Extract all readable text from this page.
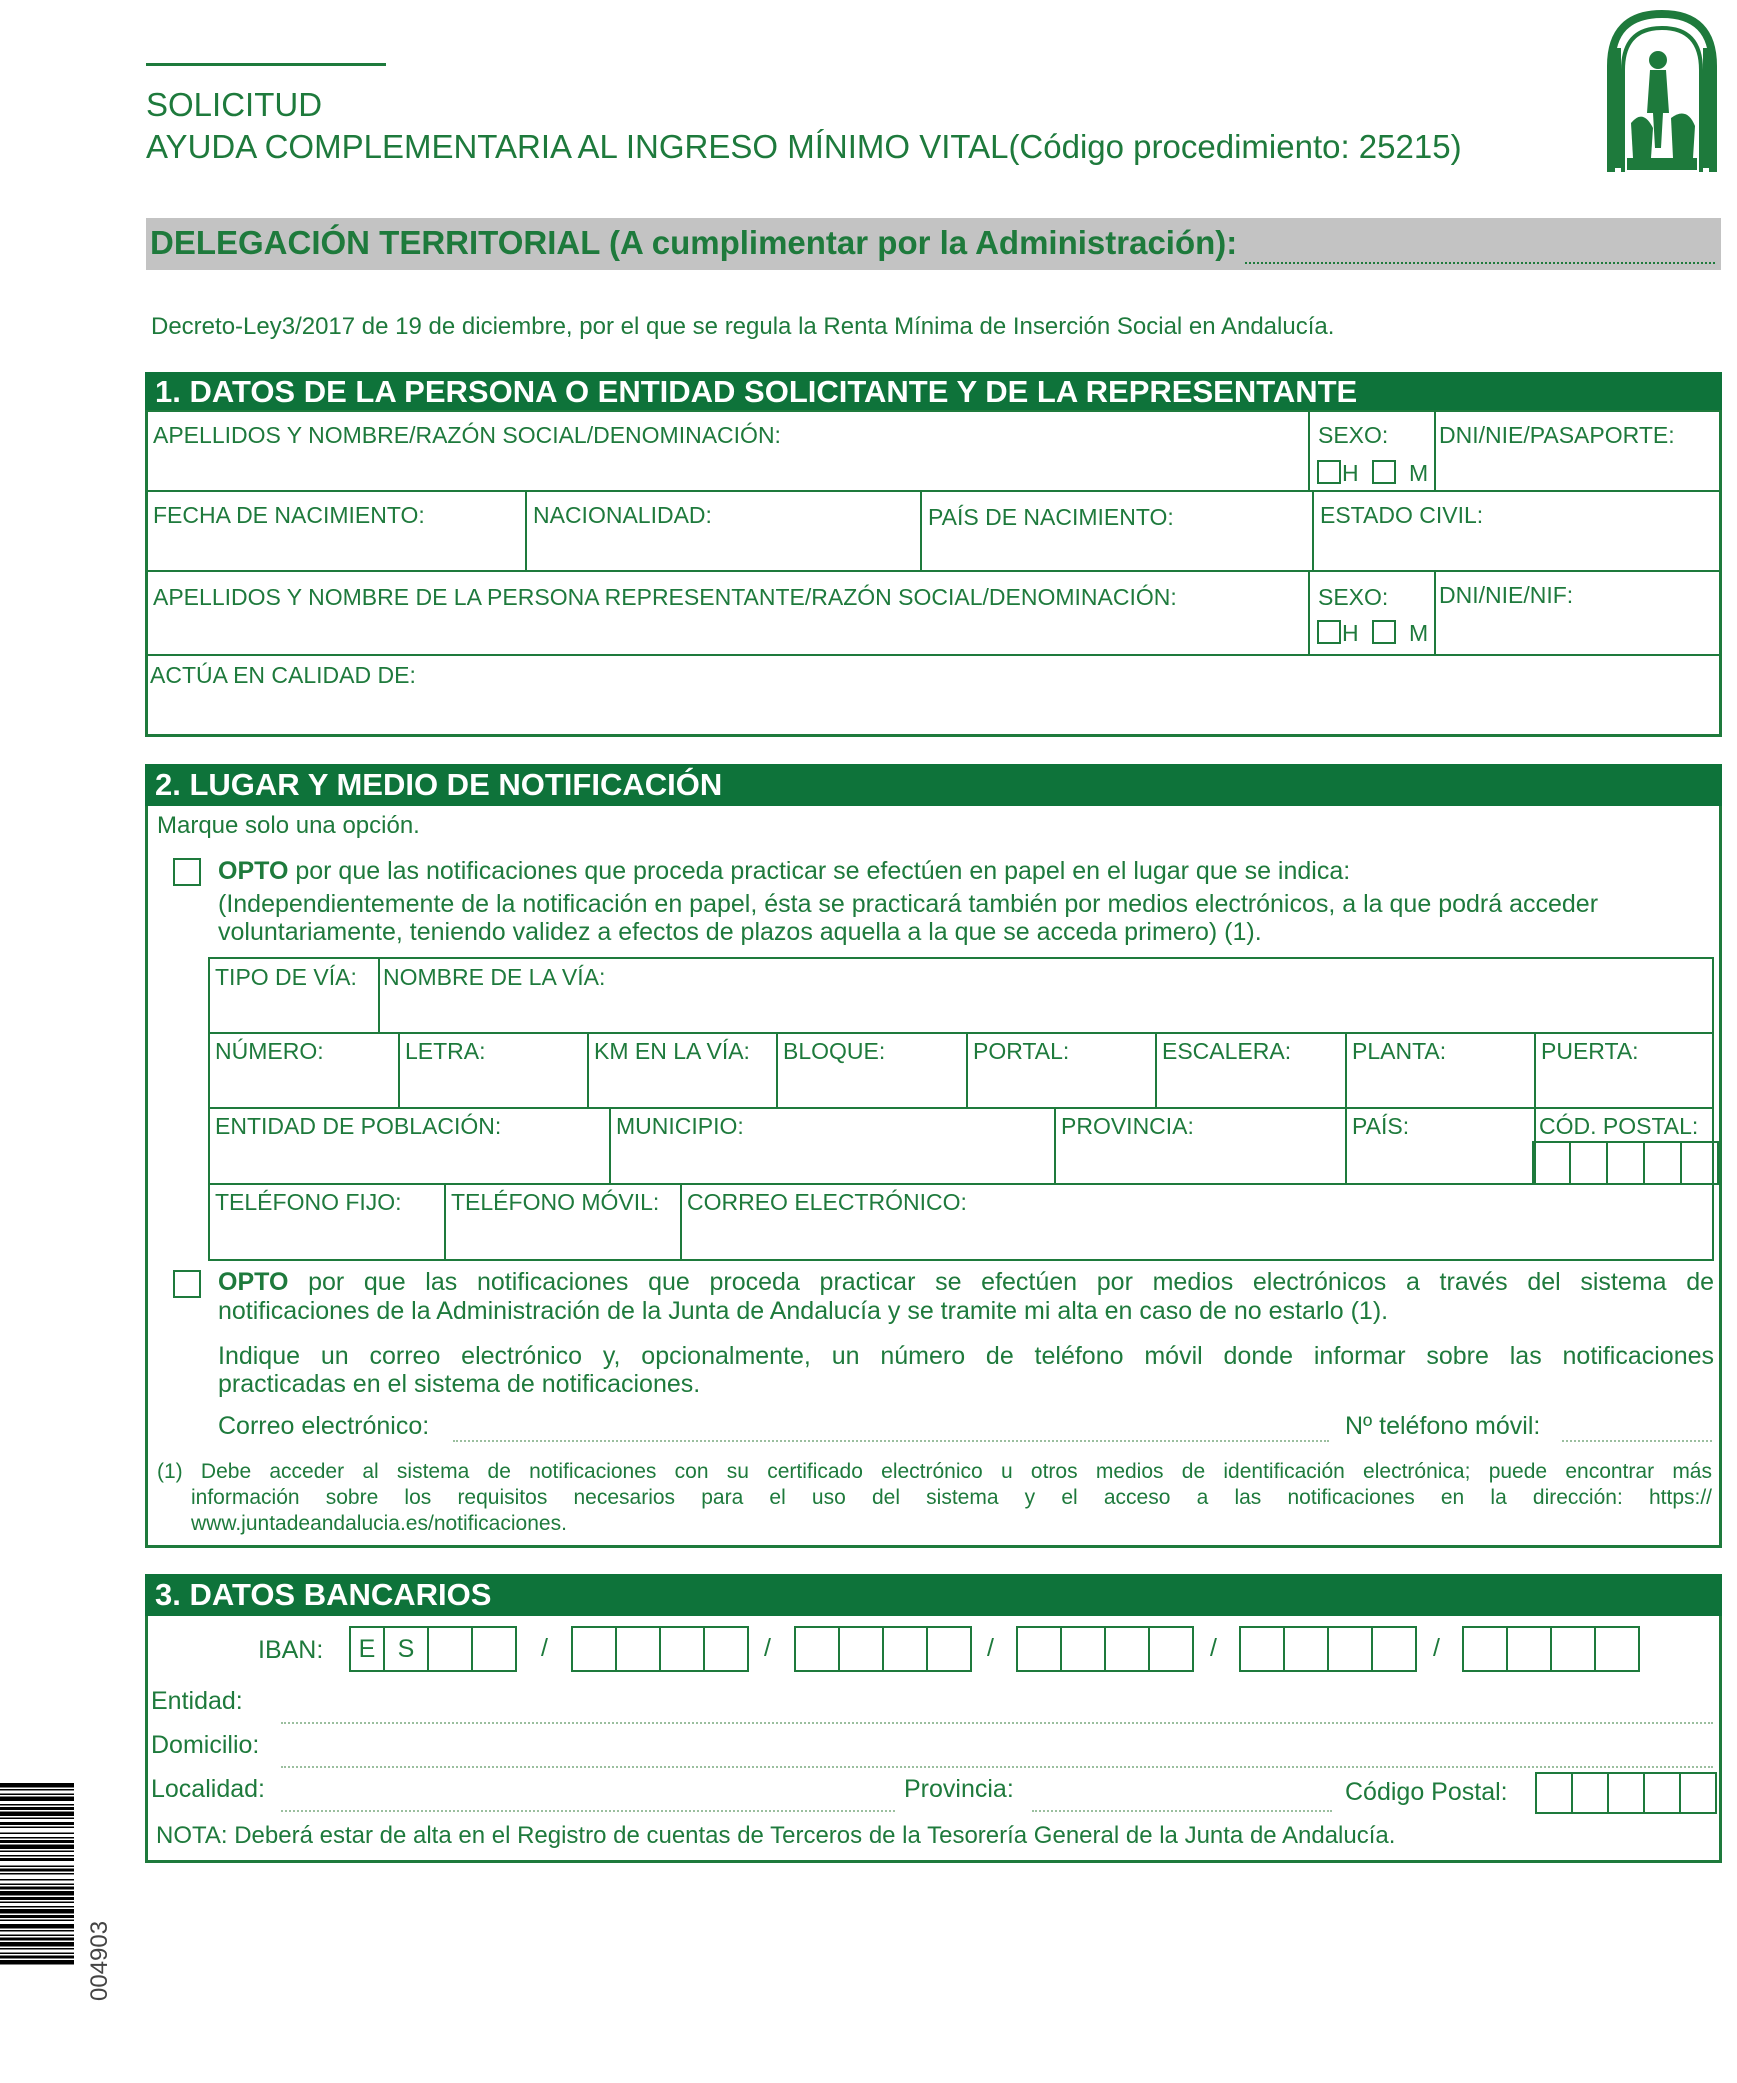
SOLICITUD
AYUDA COMPLEMENTARIA AL INGRESO MÍNIMO VITAL(Código procedimiento: 25215)
DELEGACIÓN TERRITORIAL (A cumplimentar por la Administración):
Decreto-Ley3/2017 de 19 de diciembre, por el que se regula la Renta Mínima de Inserción Social en Andalucía.
1. DATOS DE LA PERSONA O ENTIDAD SOLICITANTE Y DE LA REPRESENTANTE
APELLIDOS Y NOMBRE/RAZÓN SOCIAL/DENOMINACIÓN:	SEXO:
H M
DNI/NIE/PASAPORTE:
FECHA DE NACIMIENTO:	NACIONALIDAD:	PAÍS DE NACIMIENTO:	ESTADO CIVIL:
APELLIDOS Y NOMBRE DE LA PERSONA REPRESENTANTE/RAZÓN SOCIAL/DENOMINACIÓN:	SEXO:
H M
DNI/NIE/NIF:
ACTÚA EN CALIDAD DE:
2. LUGAR Y MEDIO DE NOTIFICACIÓN
Marque solo una opción.
OPTO por que las notificaciones que proceda practicar se efectúen en papel en el lugar que se indica:
(Independientemente de la notificación en papel, ésta se practicará también por medios electrónicos, a la que podrá acceder
voluntariamente, teniendo validez a efectos de plazos aquella a la que se acceda primero) (1).
TIPO DE VÍA: NOMBRE DE LA VÍA:
NÚMERO:	LETRA:	KM EN LA VÍA: BLOQUE:	PORTAL:	ESCALERA:	PLANTA:	PUERTA:
ENTIDAD DE POBLACIÓN:	MUNICIPIO:	PROVINCIA:	PAÍS:	CÓD. POSTAL:
TELÉFONO FIJO: TELÉFONO MÓVIL: CORREO ELECTRÓNICO:
OPTO por que las notificaciones que proceda practicar se efectúen por medios electrónicos a través del sistema de
notificaciones de la Administración de la Junta de Andalucía y se tramite mi alta en caso de no estarlo (1).
Indique un correo electrónico y, opcionalmente, un número de teléfono móvil donde informar sobre las notificaciones
practicadas en el sistema de notificaciones.
Correo electrónico:	Nº teléfono móvil:
(1) Debe acceder al sistema de notificaciones con su certificado electrónico u otros medios de identificación electrónica; puede encontrar más
información sobre los requisitos necesarios para el uso del sistema y el acceso a las notificaciones en la dirección: https://
www.juntadeandalucia.es/notificaciones.
3. DATOS BANCARIOS
IBAN:	E S	/	/	/	/	/
Entidad:
Domicilio:
Localidad:	Provincia:	Código Postal:
NOTA: Deberá estar de alta en el Registro de cuentas de Terceros de la Tesorería General de la Junta de Andalucía.
004903
